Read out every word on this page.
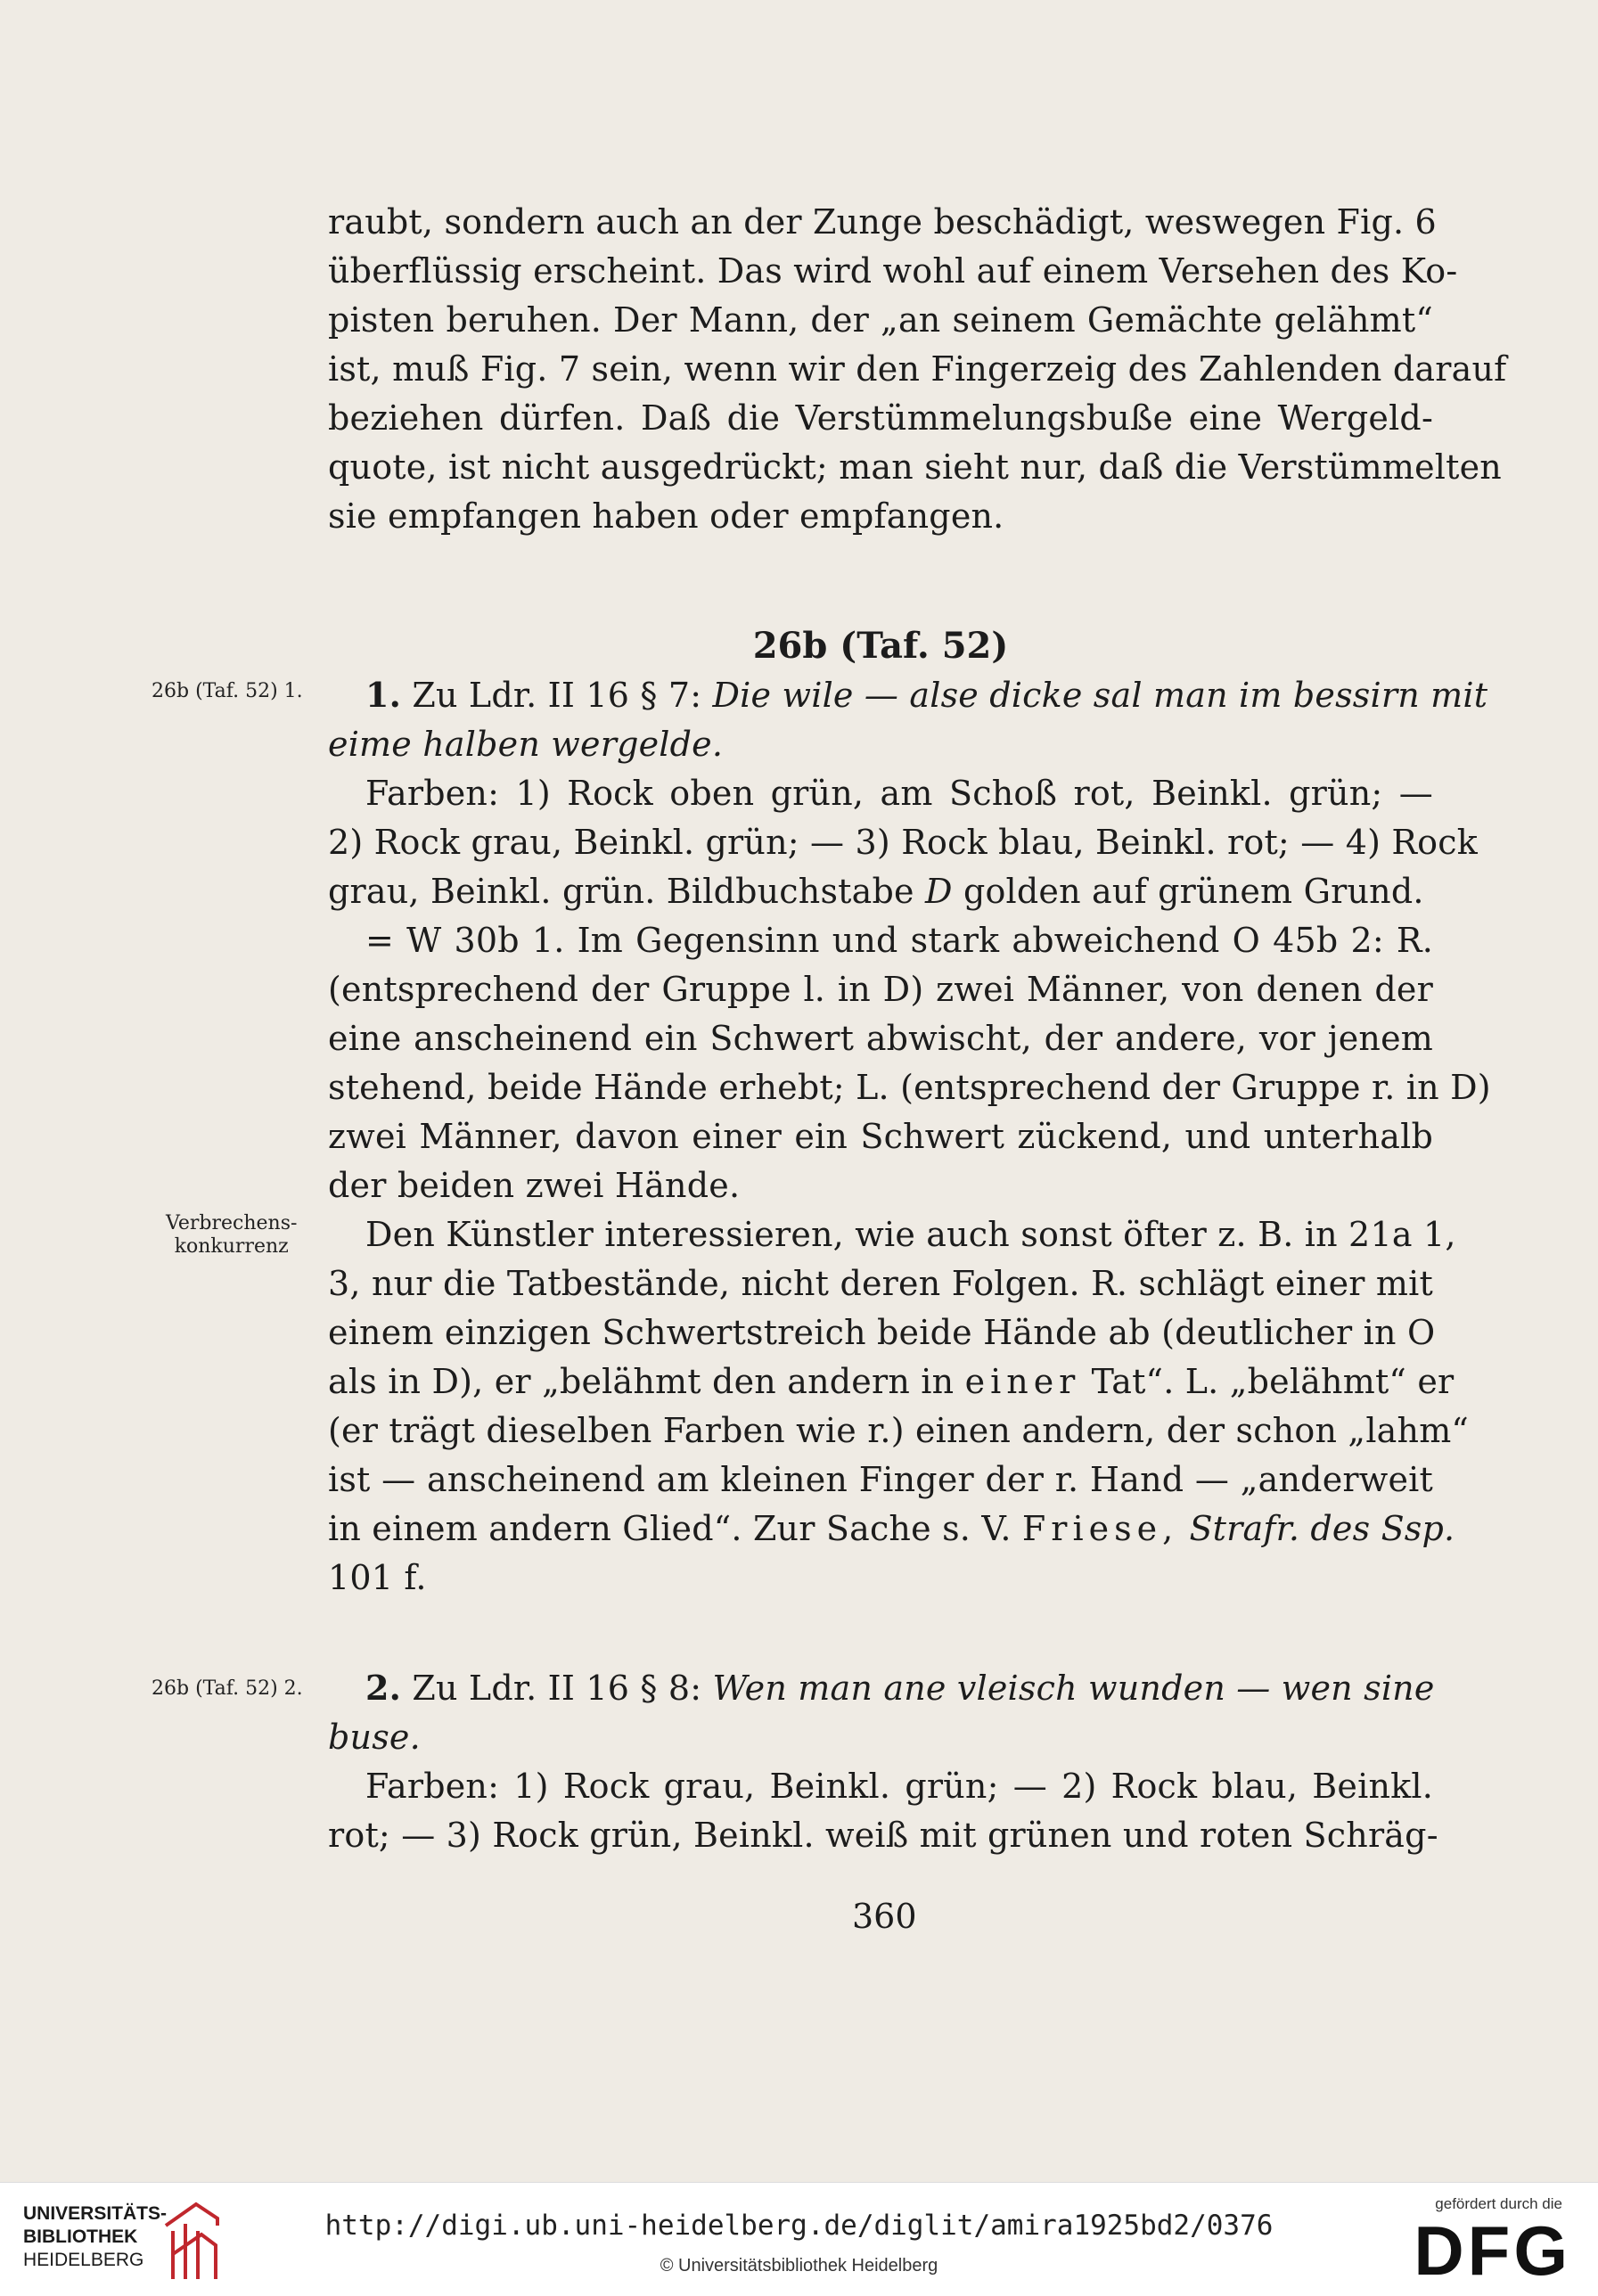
raubt, sondern auch an der Zunge beschädigt, weswegen Fig. 6
überflüssig erscheint. Das wird wohl auf einem Versehen des Ko-
pisten beruhen. Der Mann, der „an seinem Gemächte gelähmt“
ist, muß Fig. 7 sein, wenn wir den Fingerzeig des Zahlenden darauf
beziehen dürfen. Daß die Verstümmelungsbuße eine Wergeld-
quote, ist nicht ausgedrückt; man sieht nur, daß die Verstümmelten
sie empfangen haben oder empfangen.
26b (Taf. 52)
26b (Taf. 52) 1.	1. Zu Ldr. II 16 § 7: Die wile — alse dicke sal man im bessirn mit
eime halben wergelde.
Farben: 1) Rock oben grün, am Schoß rot, Beinkl. grün; —
2) Rock grau, Beinkl. grün; — 3) Rock blau, Beinkl. rot; — 4) Rock
grau, Beinkl. grün. Bildbuchstabe D golden auf grünem Grund.
= W 30b 1. Im Gegensinn und stark abweichend O 45b 2: R.
(entsprechend der Gruppe l. in D) zwei Männer, von denen der
eine anscheinend ein Schwert abwischt, der andere, vor jenem
stehend, beide Hände erhebt; L. (entsprechend der Gruppe r. in D)
zwei Männer, davon einer ein Schwert zückend, und unterhalb
der beiden zwei Hände.
Den Künstler interessieren, wie auch sonst öfter z. B. in 21a 1,
3, nur die Tatbestände, nicht deren Folgen. R. schlägt einer mit
einem einzigen Schwertstreich beide Hände ab (deutlicher in O
als in D), er „belähmt den andern in einer Tat“. L. „belähmt“ er
(er trägt dieselben Farben wie r.) einen andern, der schon „lahm“
ist — anscheinend am kleinen Finger der r. Hand — „anderweit
in einem andern Glied“. Zur Sache s. V. Friese, Strafr. des Ssp.
101 f.
Verbrechens-
konkurrenz
26b (Taf. 52) 2.	2. Zu Ldr. II 16 § 8: Wen man ane vleisch wunden — wen sine
buse.
Farben: 1) Rock grau, Beinkl. grün; — 2) Rock blau, Beinkl.
rot; — 3) Rock grün, Beinkl. weiß mit grünen und roten Schräg-
360
UNIVERSITÄTS-
BIBLIOTHEK
HEIDELBERG
http://digi.ub.uni-heidelberg.de/diglit/amira1925bd2/0376
© Universitätsbibliothek Heidelberg
gefördert durch die
DFG
